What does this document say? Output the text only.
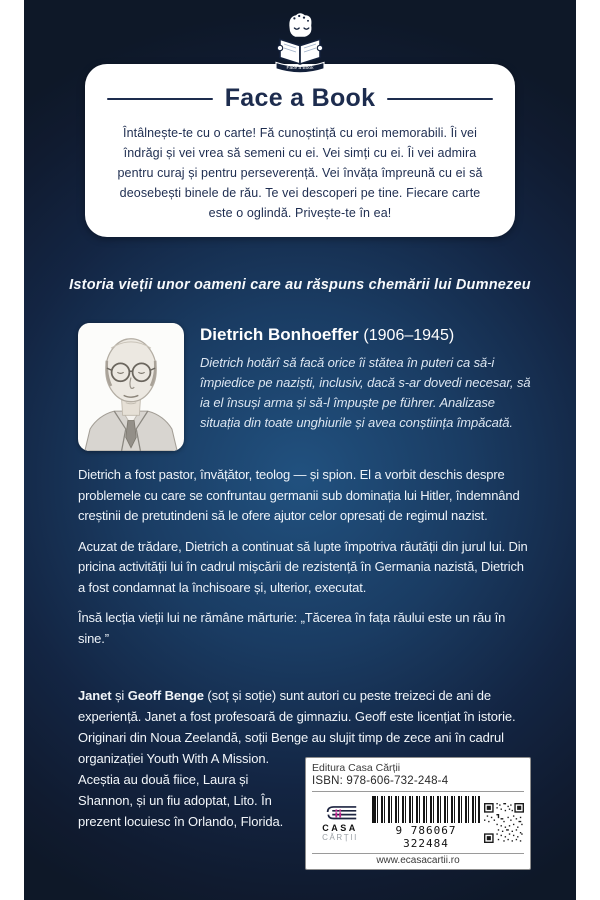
Face a Book
Face a Book
Întâlnește-te cu o carte! Fă cunoștință cu eroi memorabili. Îi vei îndrăgi și vei vrea să semeni cu ei. Vei simți cu ei. Îi vei admira pentru curaj și pentru perseverență. Vei învăța împreună cu ei să deosebești binele de rău. Te vei descoperi pe tine. Fiecare carte este o oglindă. Privește-te în ea!
Istoria vieții unor oameni care au răspuns chemării lui Dumnezeu
Dietrich Bonhoeffer (1906–1945)
Dietrich hotărî să facă orice îi stătea în puteri ca să-i împiedice pe naziști, inclusiv, dacă s-ar dovedi necesar, să ia el însuși arma și să-l împuște pe führer. Analizase situația din toate unghiurile și avea conștiința împăcată.

Dietrich a fost pastor, învățător, teolog — și spion. El a vorbit deschis despre problemele cu care se confruntau germanii sub dominația lui Hitler, îndemnând creștinii de pretutindeni să le ofere ajutor celor opresați de regimul nazist.

Acuzat de trădare, Dietrich a continuat să lupte împotriva răutății din jurul lui. Din pricina activității lui în cadrul mișcării de rezistență în Germania nazistă, Dietrich a fost condamnat la închisoare și, ulterior, executat.

Însă lecția vieții lui ne rămâne mărturie: „Tăcerea în fața răului este un rău în sine.”

Editura Casa Cărții
ISBN: 978-606-732-248-4
CASA
CĂRȚII	9 786067 322484
www.ecasacartii.ro

Janet și Geoff Benge (soț și soție) sunt autori cu peste treizeci de ani de experiență. Janet a fost profesoară de gimnaziu. Geoff este licențiat în istorie. Originari din Noua Zeelandă, soții Benge au slujit timp de zece ani în cadrul organizației Youth With A Mission. Aceștia au două fiice, Laura și Shannon, și un fiu adoptat, Lito. În prezent locuiesc în Orlando, Florida.
